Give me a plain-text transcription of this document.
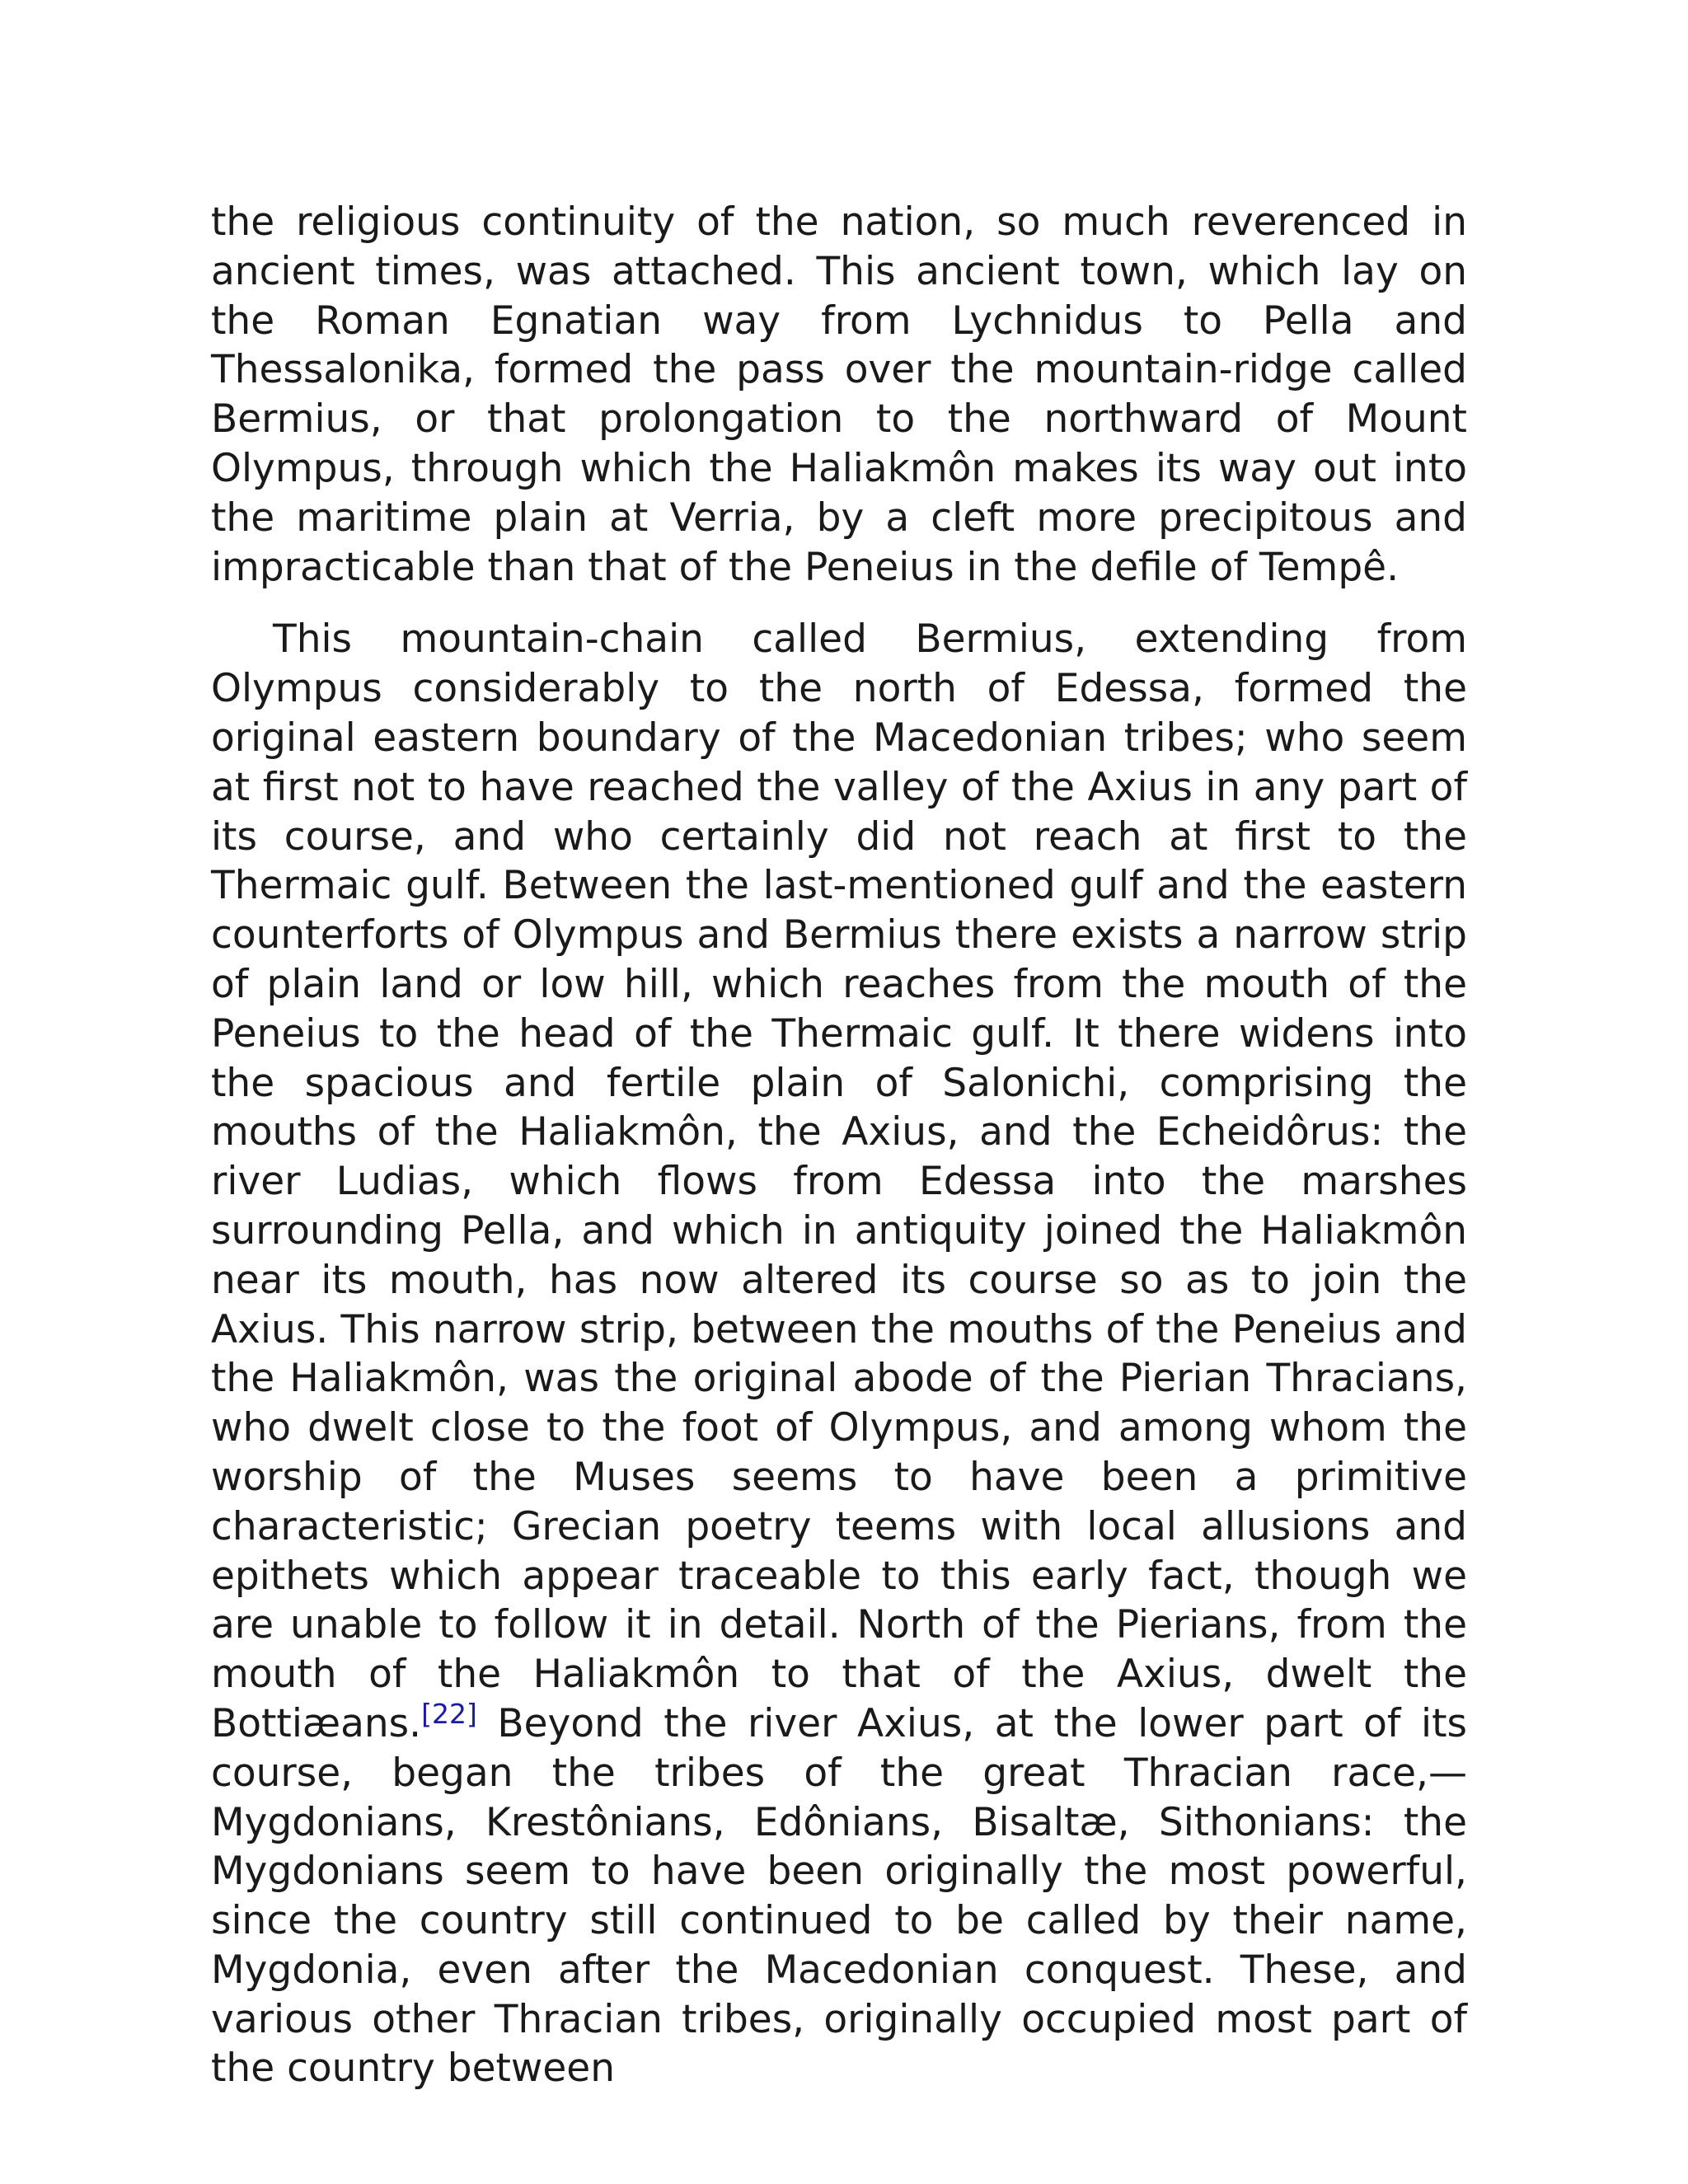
the religious continuity of the nation, so much reverenced in ancient times, was attached. This ancient town, which lay on the Roman Egnatian way from Lychnidus to Pella and Thessalonika, formed the pass over the mountain-ridge called Bermius, or that prolongation to the northward of Mount Olympus, through which the Haliakmôn makes its way out into the maritime plain at Verria, by a cleft more precipitous and impracticable than that of the Peneius in the defile of Tempê.

This mountain-chain called Bermius, extending from Olympus considerably to the north of Edessa, formed the original eastern boundary of the Macedonian tribes; who seem at first not to have reached the valley of the Axius in any part of its course, and who certainly did not reach at first to the Thermaic gulf. Between the last-mentioned gulf and the eastern counterforts of Olympus and Bermius there exists a narrow strip of plain land or low hill, which reaches from the mouth of the Peneius to the head of the Thermaic gulf. It there widens into the spacious and fertile plain of Salonichi, comprising the mouths of the Haliakmôn, the Axius, and the Echeidôrus: the river Ludias, which flows from Edessa into the marshes surrounding Pella, and which in antiquity joined the Haliakmôn near its mouth, has now altered its course so as to join the Axius. This narrow strip, between the mouths of the Peneius and the Haliakmôn, was the original abode of the Pierian Thracians, who dwelt close to the foot of Olympus, and among whom the worship of the Muses seems to have been a primitive characteristic; Grecian poetry teems with local allusions and epithets which appear traceable to this early fact, though we are unable to follow it in detail. North of the Pierians, from the mouth of the Haliakmôn to that of the Axius, dwelt the Bottiæans.[22] Beyond the river Axius, at the lower part of its course, began the tribes of the great Thracian race,—Mygdonians, Krestônians, Edônians, Bisaltæ, Sithonians: the Mygdonians seem to have been originally the most powerful, since the country still continued to be called by their name, Mygdonia, even after the Macedonian conquest. These, and various other Thracian tribes, originally occupied most part of the country between
